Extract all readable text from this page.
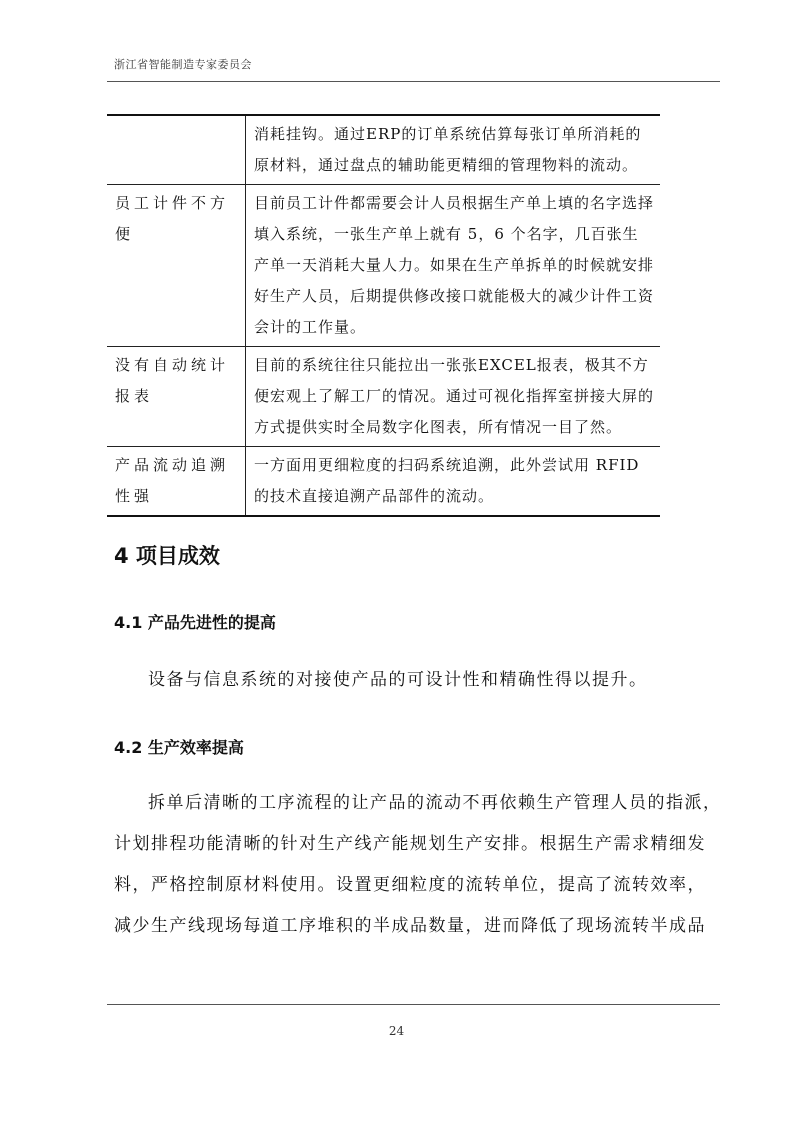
浙江省智能制造专家委员会
	消耗挂钩。通过ERP的订单系统估算每张订单所消耗的原材料，通过盘点的辅助能更精细的管理物料的流动。
员工计件不方便	目前员工计件都需要会计人员根据生产单上填的名字选择填入系统，一张生产单上就有 5，6 个名字，几百张生产单一天消耗大量人力。如果在生产单拆单的时候就安排好生产人员，后期提供修改接口就能极大的减少计件工资会计的工作量。
没有自动统计报表	目前的系统往往只能拉出一张张EXCEL报表，极其不方便宏观上了解工厂的情况。通过可视化指挥室拼接大屏的方式提供实时全局数字化图表，所有情况一目了然。
产品流动追溯性强	一方面用更细粒度的扫码系统追溯，此外尝试用 RFID 的技术直接追溯产品部件的流动。
4 项目成效
4.1 产品先进性的提高
设备与信息系统的对接使产品的可设计性和精确性得以提升。
4.2 生产效率提高
拆单后清晰的工序流程的让产品的流动不再依赖生产管理人员的指派，计划排程功能清晰的针对生产线产能规划生产安排。根据生产需求精细发料，严格控制原材料使用。设置更细粒度的流转单位，提高了流转效率，减少生产线现场每道工序堆积的半成品数量，进而降低了现场流转半成品
24
